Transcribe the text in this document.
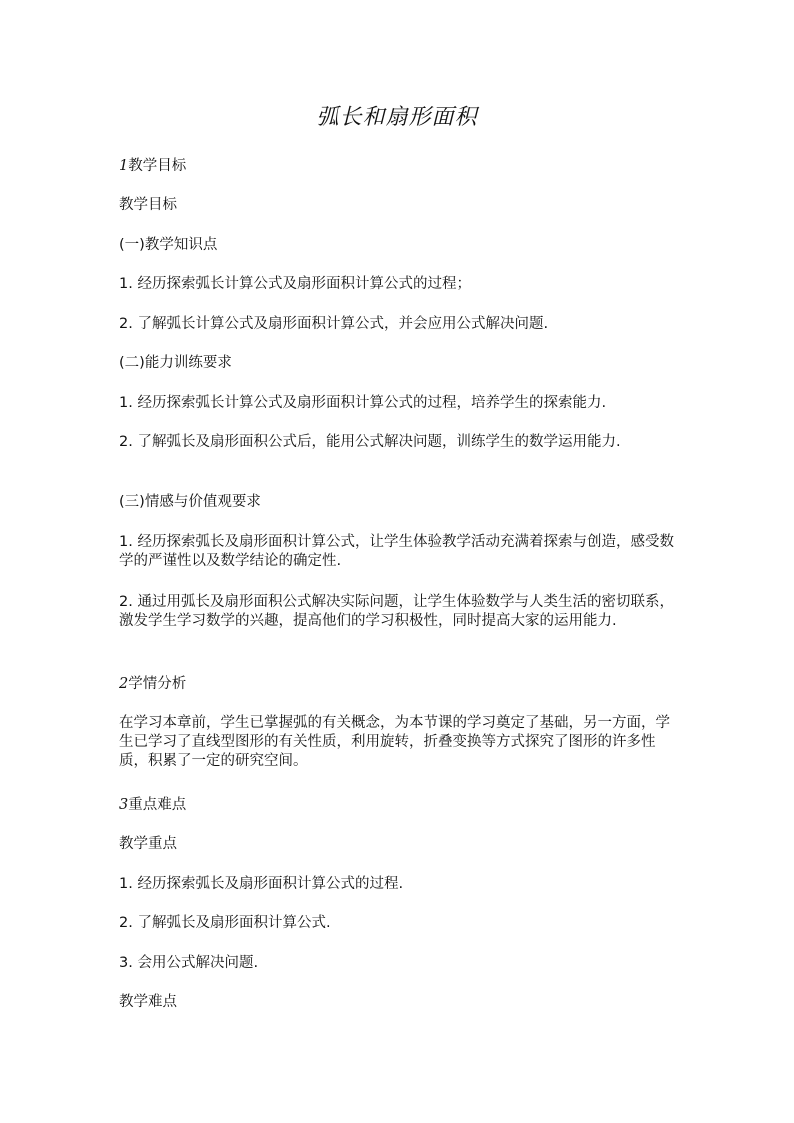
弧长和扇形面积

1教学目标

教学目标

(一)教学知识点

1. 经历探索弧长计算公式及扇形面积计算公式的过程；

2. 了解弧长计算公式及扇形面积计算公式，并会应用公式解决问题.

(二)能力训练要求

1. 经历探索弧长计算公式及扇形面积计算公式的过程，培养学生的探索能力.

2. 了解弧长及扇形面积公式后，能用公式解决问题，训练学生的数学运用能力.

(三)情感与价值观要求

1. 经历探索弧长及扇形面积计算公式，让学生体验教学活动充满着探索与创造，感受数学的严谨性以及数学结论的确定性.

2. 通过用弧长及扇形面积公式解决实际问题，让学生体验数学与人类生活的密切联系，激发学生学习数学的兴趣，提高他们的学习积极性，同时提高大家的运用能力.

2学情分析

在学习本章前，学生已掌握弧的有关概念，为本节课的学习奠定了基础，另一方面，学生已学习了直线型图形的有关性质，利用旋转，折叠变换等方式探究了图形的许多性质，积累了一定的研究空间。

3重点难点

教学重点

1. 经历探索弧长及扇形面积计算公式的过程.

2. 了解弧长及扇形面积计算公式.

3. 会用公式解决问题.

教学难点
